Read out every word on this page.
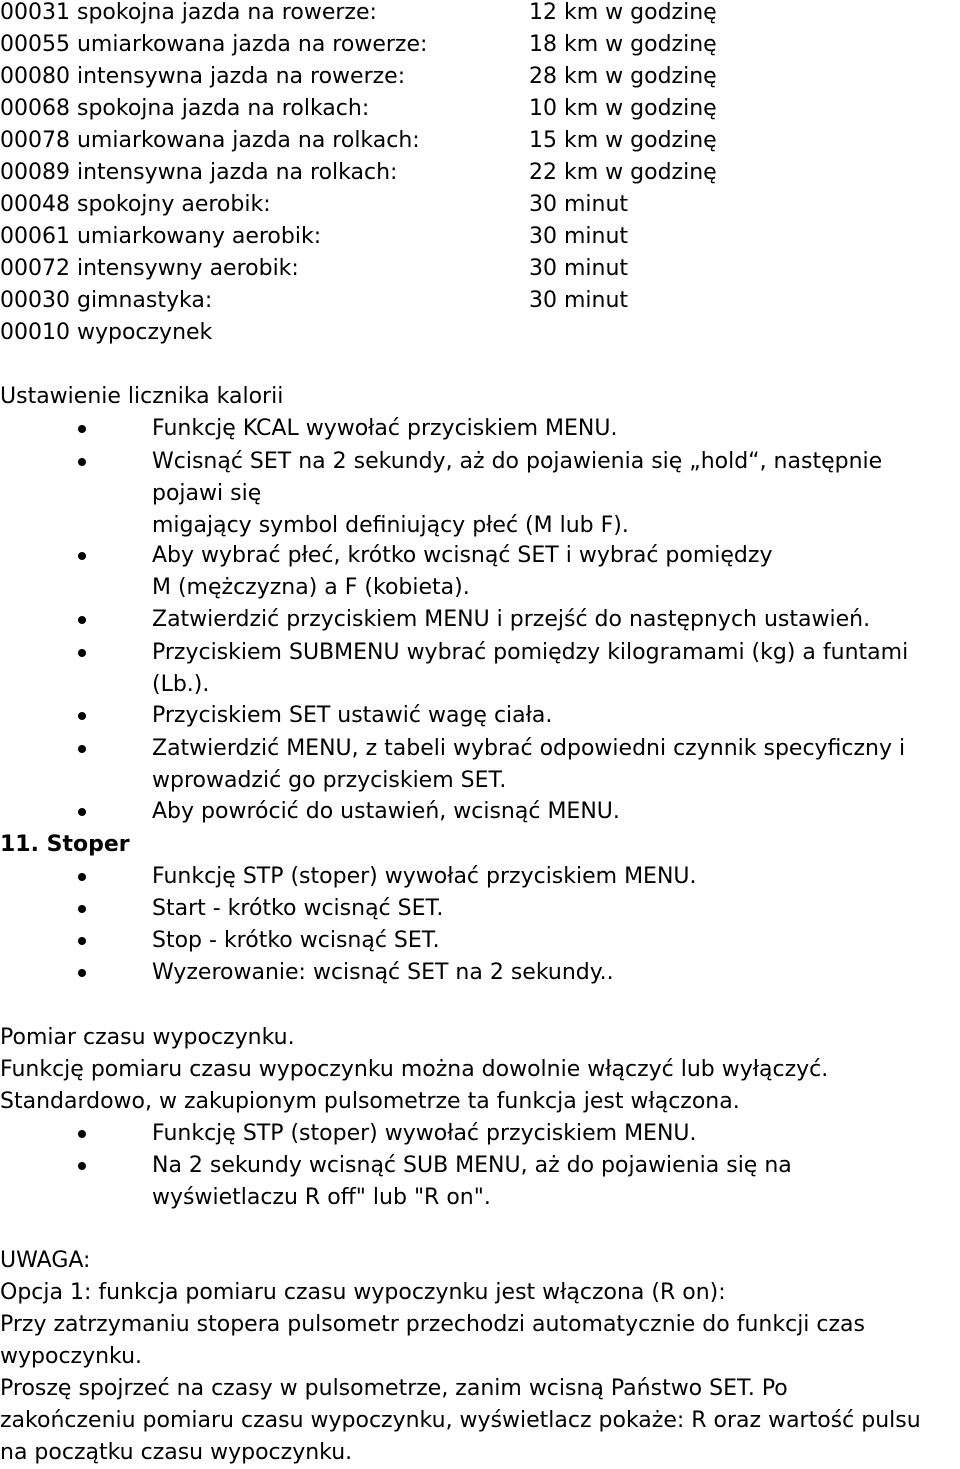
00031 spokojna jazda na rowerze:	12 km w godzinę
00055 umiarkowana jazda na rowerze:	18 km w godzinę
00080 intensywna jazda na rowerze:	28 km w godzinę
00068 spokojna jazda na rolkach:	10 km w godzinę
00078 umiarkowana jazda na rolkach:	15 km w godzinę
00089 intensywna jazda na rolkach:	22 km w godzinę
00048 spokojny aerobik:	30 minut
00061 umiarkowany aerobik:	30 minut
00072 intensywny aerobik:	30 minut
00030 gimnastyka:	30 minut
00010 wypoczynek
Ustawienie licznika kalorii
Funkcję KCAL wywołać przyciskiem MENU.
Wcisnąć SET na 2 sekundy, aż do pojawienia się „hold“, następnie
pojawi się
migający symbol definiujący płeć (M lub F).
Aby wybrać płeć, krótko wcisnąć SET i wybrać pomiędzy
M (mężczyzna) a F (kobieta).
Zatwierdzić przyciskiem MENU i przejść do następnych ustawień.
Przyciskiem SUBMENU wybrać pomiędzy kilogramami (kg) a funtami
(Lb.).
Przyciskiem SET ustawić wagę ciała.
Zatwierdzić MENU, z tabeli wybrać odpowiedni czynnik specyficzny i
wprowadzić go przyciskiem SET.
Aby powrócić do ustawień, wcisnąć MENU.
11. Stoper
Funkcję STP (stoper) wywołać przyciskiem MENU.
Start - krótko wcisnąć SET.
Stop - krótko wcisnąć SET.
Wyzerowanie: wcisnąć SET na 2 sekundy..
Pomiar czasu wypoczynku.
Funkcję pomiaru czasu wypoczynku można dowolnie włączyć lub wyłączyć.
Standardowo, w zakupionym pulsometrze ta funkcja jest włączona.
Funkcję STP (stoper) wywołać przyciskiem MENU.
Na 2 sekundy wcisnąć SUB MENU, aż do pojawienia się na
wyświetlaczu R off" lub "R on".
UWAGA:
Opcja 1: funkcja pomiaru czasu wypoczynku jest włączona (R on):
Przy zatrzymaniu stopera pulsometr przechodzi automatycznie do funkcji czas
wypoczynku.
Proszę spojrzeć na czasy w pulsometrze, zanim wcisną Państwo SET. Po
zakończeniu pomiaru czasu wypoczynku, wyświetlacz pokaże: R oraz wartość pulsu
na początku czasu wypoczynku.
